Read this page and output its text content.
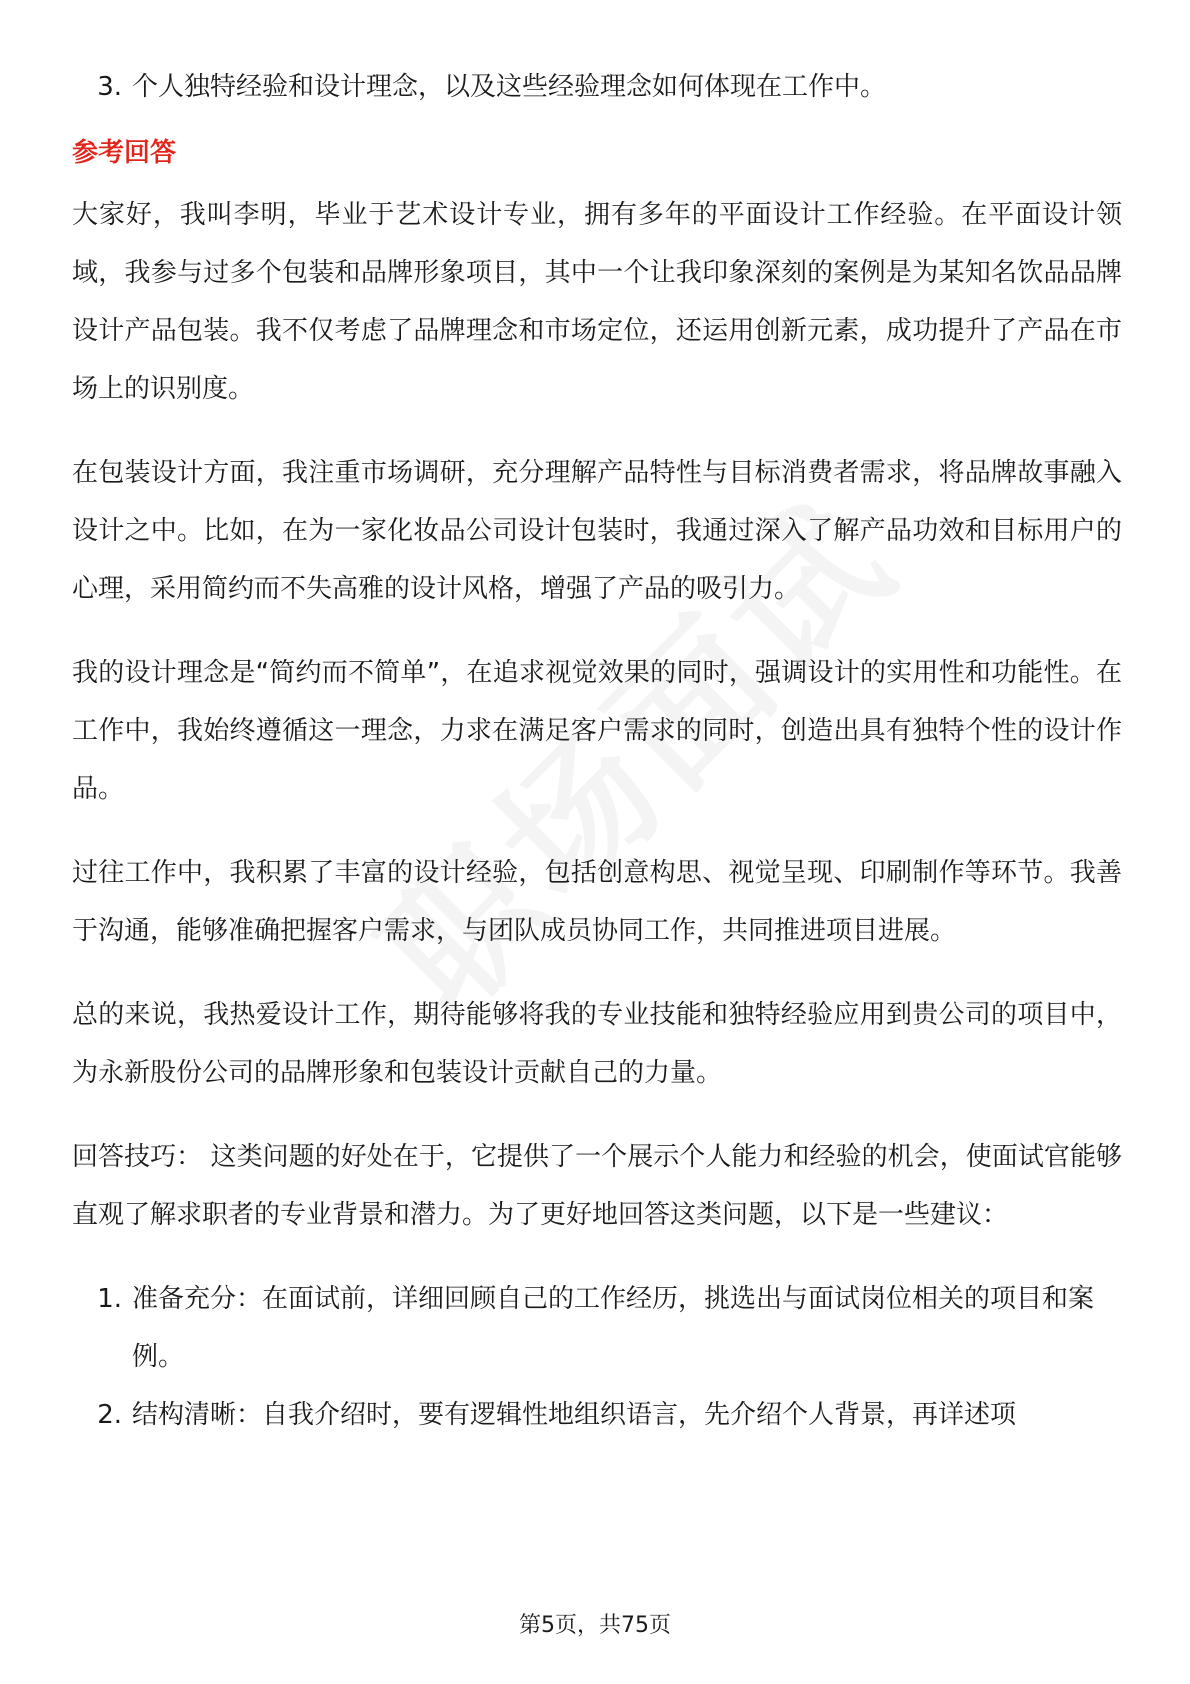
3. 个人独特经验和设计理念，以及这些经验理念如何体现在工作中。
参考回答

大家好，我叫李明，毕业于艺术设计专业，拥有多年的平面设计工作经验。在平面设计领域，我参与过多个包装和品牌形象项目，其中一个让我印象深刻的案例是为某知名饮品品牌设计产品包装。我不仅考虑了品牌理念和市场定位，还运用创新元素，成功提升了产品在市场上的识别度。

在包装设计方面，我注重市场调研，充分理解产品特性与目标消费者需求，将品牌故事融入设计之中。比如，在为一家化妆品公司设计包装时，我通过深入了解产品功效和目标用户的心理，采用简约而不失高雅的设计风格，增强了产品的吸引力。

我的设计理念是“简约而不简单”，在追求视觉效果的同时，强调设计的实用性和功能性。在工作中，我始终遵循这一理念，力求在满足客户需求的同时，创造出具有独特个性的设计作品。

过往工作中，我积累了丰富的设计经验，包括创意构思、视觉呈现、印刷制作等环节。我善于沟通，能够准确把握客户需求，与团队成员协同工作，共同推进项目进展。

总的来说，我热爱设计工作，期待能够将我的专业技能和独特经验应用到贵公司的项目中，为永新股份公司的品牌形象和包装设计贡献自己的力量。

回答技巧： 这类问题的好处在于，它提供了一个展示个人能力和经验的机会，使面试官能够直观了解求职者的专业背景和潜力。为了更好地回答这类问题，以下是一些建议：

1. 准备充分：在面试前，详细回顾自己的工作经历，挑选出与面试岗位相关的项目和案例。
2. 结构清晰：自我介绍时，要有逻辑性地组织语言，先介绍个人背景，再详述项
第5页，共75页
